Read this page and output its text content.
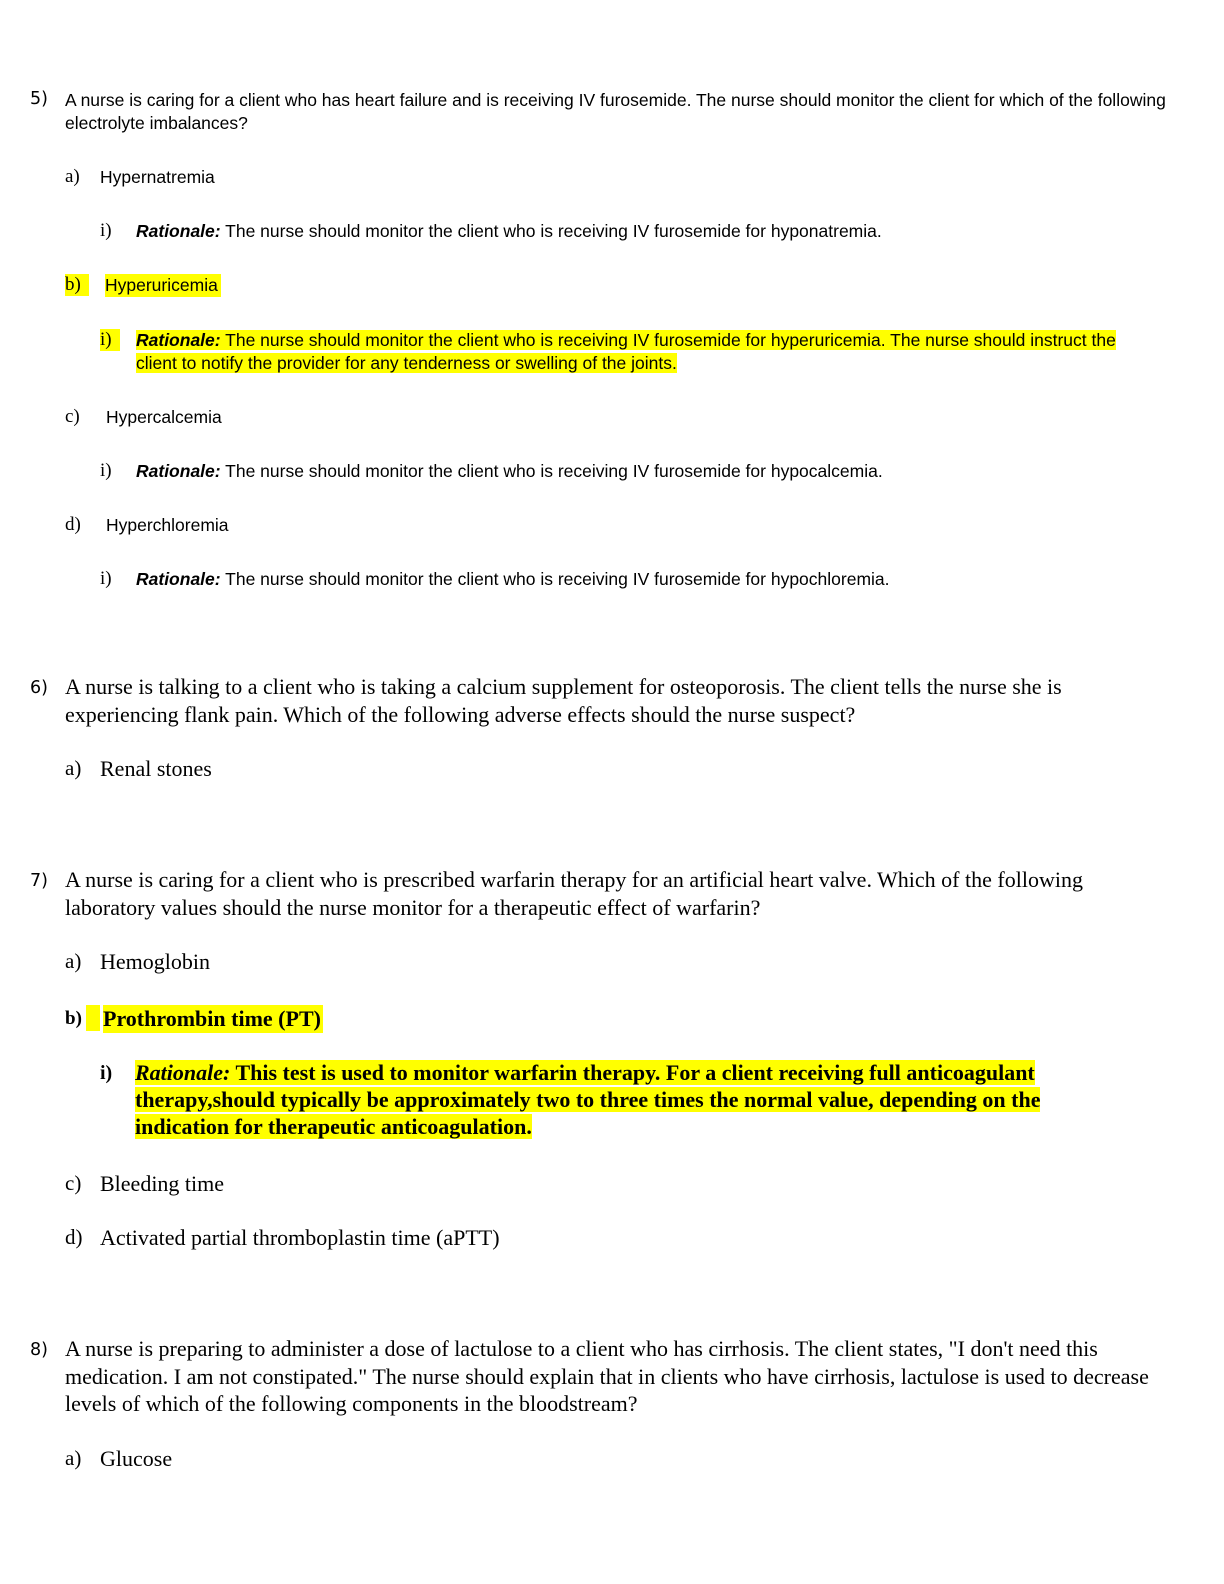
5) A nurse is caring for a client who has heart failure and is receiving IV furosemide. The nurse should monitor the client for which of the following electrolyte imbalances?
a) Hypernatremia
i) Rationale: The nurse should monitor the client who is receiving IV furosemide for hyponatremia.
b)	Hyperuricemia
i)	Rationale: The nurse should monitor the client who is receiving IV furosemide for hyperuricemia. The nurse should instruct the client to notify the provider for any tenderness or swelling of the joints.
c) Hypercalcemia
i) Rationale: The nurse should monitor the client who is receiving IV furosemide for hypocalcemia.
d) Hyperchloremia
i) Rationale: The nurse should monitor the client who is receiving IV furosemide for hypochloremia.
6) A nurse is talking to a client who is taking a calcium supplement for osteoporosis. The client tells the nurse she is experiencing flank pain. Which of the following adverse effects should the nurse suspect?
a) Renal stones
7) A nurse is caring for a client who is prescribed warfarin therapy for an artificial heart valve. Which of the following laboratory values should the nurse monitor for a therapeutic effect of warfarin?
a) Hemoglobin
b) Prothrombin time (PT)
i) Rationale: This test is used to monitor warfarin therapy. For a client receiving full anticoagulant therapy,should typically be approximately two to three times the normal value, depending on the indication for therapeutic anticoagulation.
c) Bleeding time
d) Activated partial thromboplastin time (aPTT)
8) A nurse is preparing to administer a dose of lactulose to a client who has cirrhosis. The client states, "I don't need this medication. I am not constipated." The nurse should explain that in clients who have cirrhosis, lactulose is used to decrease levels of which of the following components in the bloodstream?
a) Glucose
